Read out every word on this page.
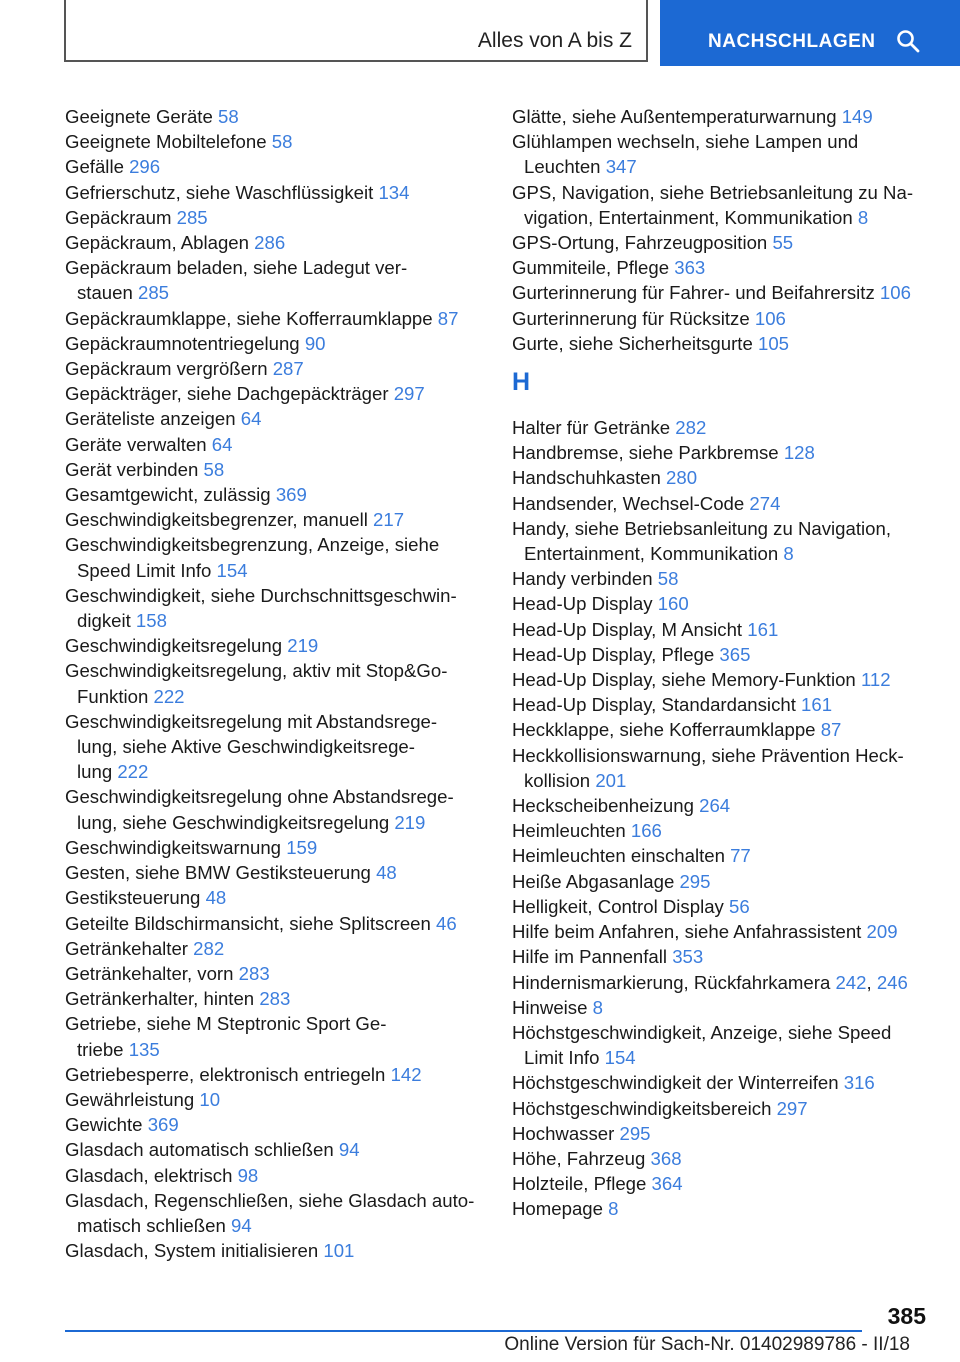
Alles von A bis Z	NACHSCHLAGEN
Geeignete Geräte 58
Geeignete Mobiltelefone 58
Gefälle 296
Gefrierschutz, siehe Waschflüssigkeit 134
Gepäckraum 285
Gepäckraum, Ablagen 286
Gepäckraum beladen, siehe Ladegut ver-
stauen 285
Gepäckraumklappe, siehe Kofferraumklappe 87
Gepäckraumnotentriegelung 90
Gepäckraum vergrößern 287
Gepäckträger, siehe Dachgepäckträger 297
Geräteliste anzeigen 64
Geräte verwalten 64
Gerät verbinden 58
Gesamtgewicht, zulässig 369
Geschwindigkeitsbegrenzer, manuell 217
Geschwindigkeitsbegrenzung, Anzeige, siehe
Speed Limit Info 154
Geschwindigkeit, siehe Durchschnittsgeschwin-
digkeit 158
Geschwindigkeitsregelung 219
Geschwindigkeitsregelung, aktiv mit Stop&Go-
Funktion 222
Geschwindigkeitsregelung mit Abstandsrege-
lung, siehe Aktive Geschwindigkeitsrege-
lung 222
Geschwindigkeitsregelung ohne Abstandsrege-
lung, siehe Geschwindigkeitsregelung 219
Geschwindigkeitswarnung 159
Gesten, siehe BMW Gestiksteuerung 48
Gestiksteuerung 48
Geteilte Bildschirmansicht, siehe Splitscreen 46
Getränkehalter 282
Getränkehalter, vorn 283
Getränkerhalter, hinten 283
Getriebe, siehe M Steptronic Sport Ge-
triebe 135
Getriebesperre, elektronisch entriegeln 142
Gewährleistung 10
Gewichte 369
Glasdach automatisch schließen 94
Glasdach, elektrisch 98
Glasdach, Regenschließen, siehe Glasdach auto-
matisch schließen 94
Glasdach, System initialisieren 101
Glätte, siehe Außentemperaturwarnung 149
Glühlampen wechseln, siehe Lampen und
Leuchten 347
GPS, Navigation, siehe Betriebsanleitung zu Na-
vigation, Entertainment, Kommunikation 8
GPS-Ortung, Fahrzeugposition 55
Gummiteile, Pflege 363
Gurterinnerung für Fahrer- und Beifahrersitz 106
Gurterinnerung für Rücksitze 106
Gurte, siehe Sicherheitsgurte 105
H
Halter für Getränke 282
Handbremse, siehe Parkbremse 128
Handschuhkasten 280
Handsender, Wechsel-Code 274
Handy, siehe Betriebsanleitung zu Navigation,
Entertainment, Kommunikation 8
Handy verbinden 58
Head-Up Display 160
Head-Up Display, M Ansicht 161
Head-Up Display, Pflege 365
Head-Up Display, siehe Memory-Funktion 112
Head-Up Display, Standardansicht 161
Heckklappe, siehe Kofferraumklappe 87
Heckkollisionswarnung, siehe Prävention Heck-
kollision 201
Heckscheibenheizung 264
Heimleuchten 166
Heimleuchten einschalten 77
Heiße Abgasanlage 295
Helligkeit, Control Display 56
Hilfe beim Anfahren, siehe Anfahrassistent 209
Hilfe im Pannenfall 353
Hindernismarkierung, Rückfahrkamera 242, 246
Hinweise 8
Höchstgeschwindigkeit, Anzeige, siehe Speed
Limit Info 154
Höchstgeschwindigkeit der Winterreifen 316
Höchstgeschwindigkeitsbereich 297
Hochwasser 295
Höhe, Fahrzeug 368
Holzteile, Pflege 364
Homepage 8
385
Online Version für Sach-Nr. 01402989786 - II/18
